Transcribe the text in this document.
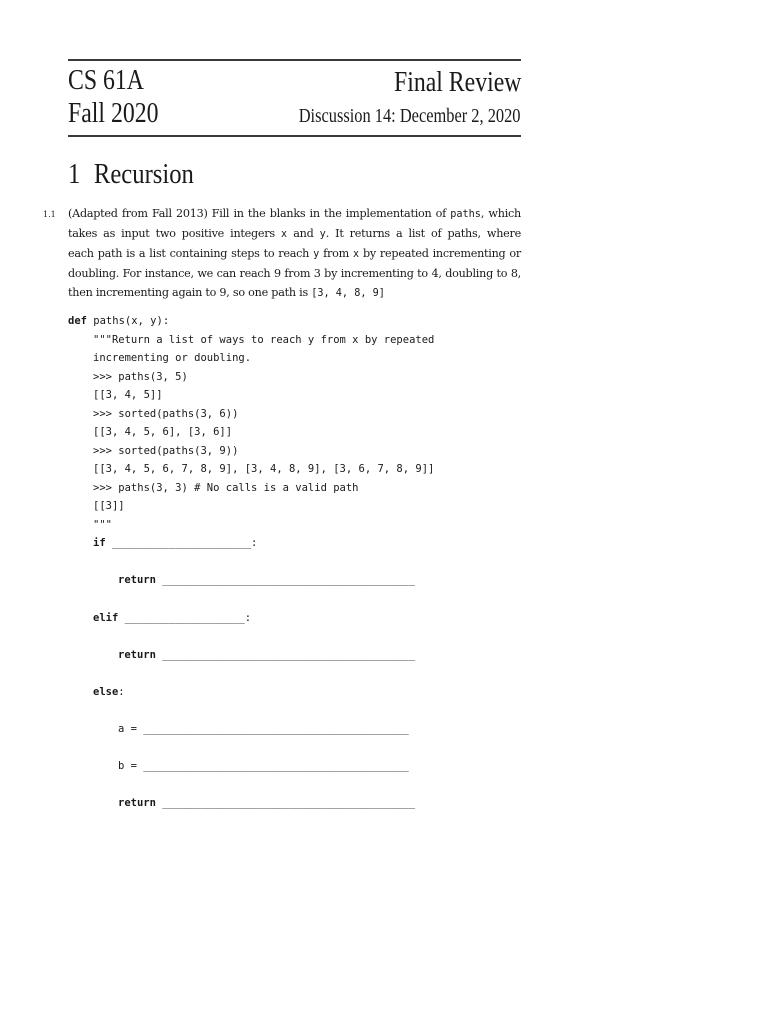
CS 61A
Fall 2020
Final Review
Discussion 14: December 2, 2020
1 Recursion
1.1 (Adapted from Fall 2013) Fill in the blanks in the implementation of paths, which
takes as input two positive integers x and y. It returns a list of paths, where
each path is a list containing steps to reach y from x by repeated incrementing or
doubling. For instance, we can reach 9 from 3 by incrementing to 4, doubling to 8,
then incrementing again to 9, so one path is [3, 4, 8, 9]
def paths(x, y):
"""Return a list of ways to reach y from x by repeated
incrementing or doubling.
>>> paths(3, 5)
[[3, 4, 5]]
>>> sorted(paths(3, 6))
[[3, 4, 5, 6], [3, 6]]
>>> sorted(paths(3, 9))
[[3, 4, 5, 6, 7, 8, 9], [3, 4, 8, 9], [3, 6, 7, 8, 9]]
>>> paths(3, 3) # No calls is a valid path
[[3]]
"""
if ______________________:
return ________________________________________
elif ___________________:
return ________________________________________
else:
a = __________________________________________
b = __________________________________________
return ________________________________________
